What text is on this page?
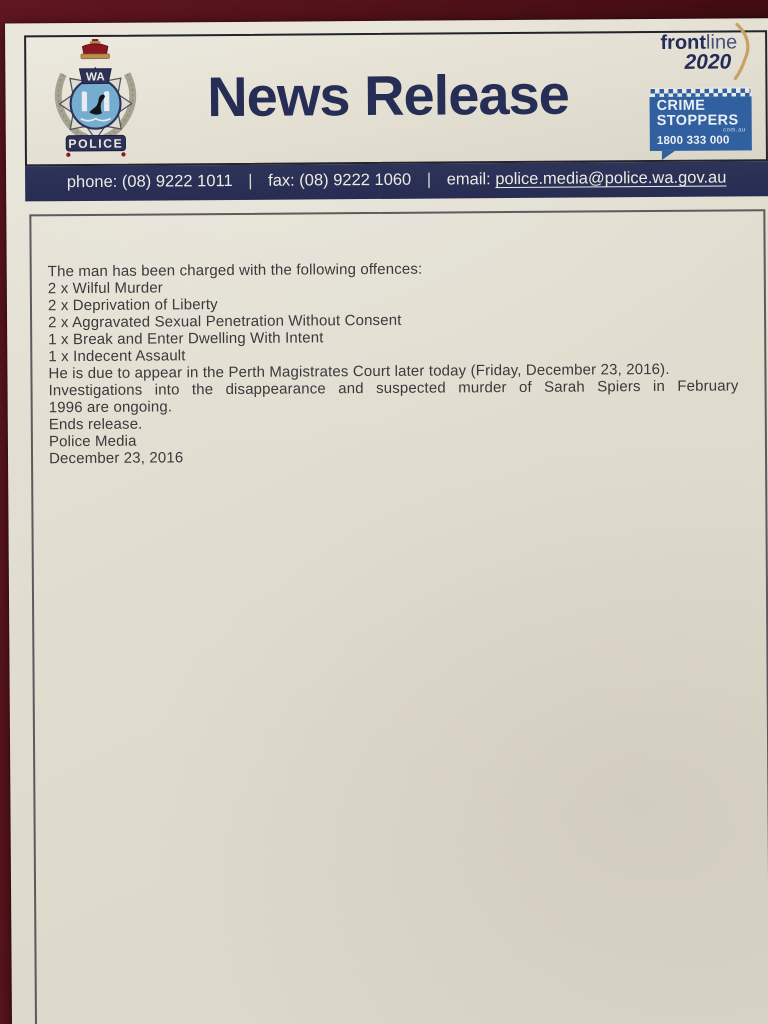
WA
POLICE
News Release
frontline
2020
CRIME
STOPPERS
com.au
1800 333 000
phone: (08) 9222 1011 | fax: (08) 9222 1060 | email: police.media@police.wa.gov.au

The man has been charged with the following offences:

2 x Wilful Murder

2 x Deprivation of Liberty

2 x Aggravated Sexual Penetration Without Consent

1 x Break and Enter Dwelling With Intent

1 x Indecent Assault

He is due to appear in the Perth Magistrates Court later today (Friday, December 23, 2016).

Investigations into the disappearance and suspected murder of Sarah Spiers in February

1996 are ongoing.

Ends release.

Police Media

December 23, 2016
